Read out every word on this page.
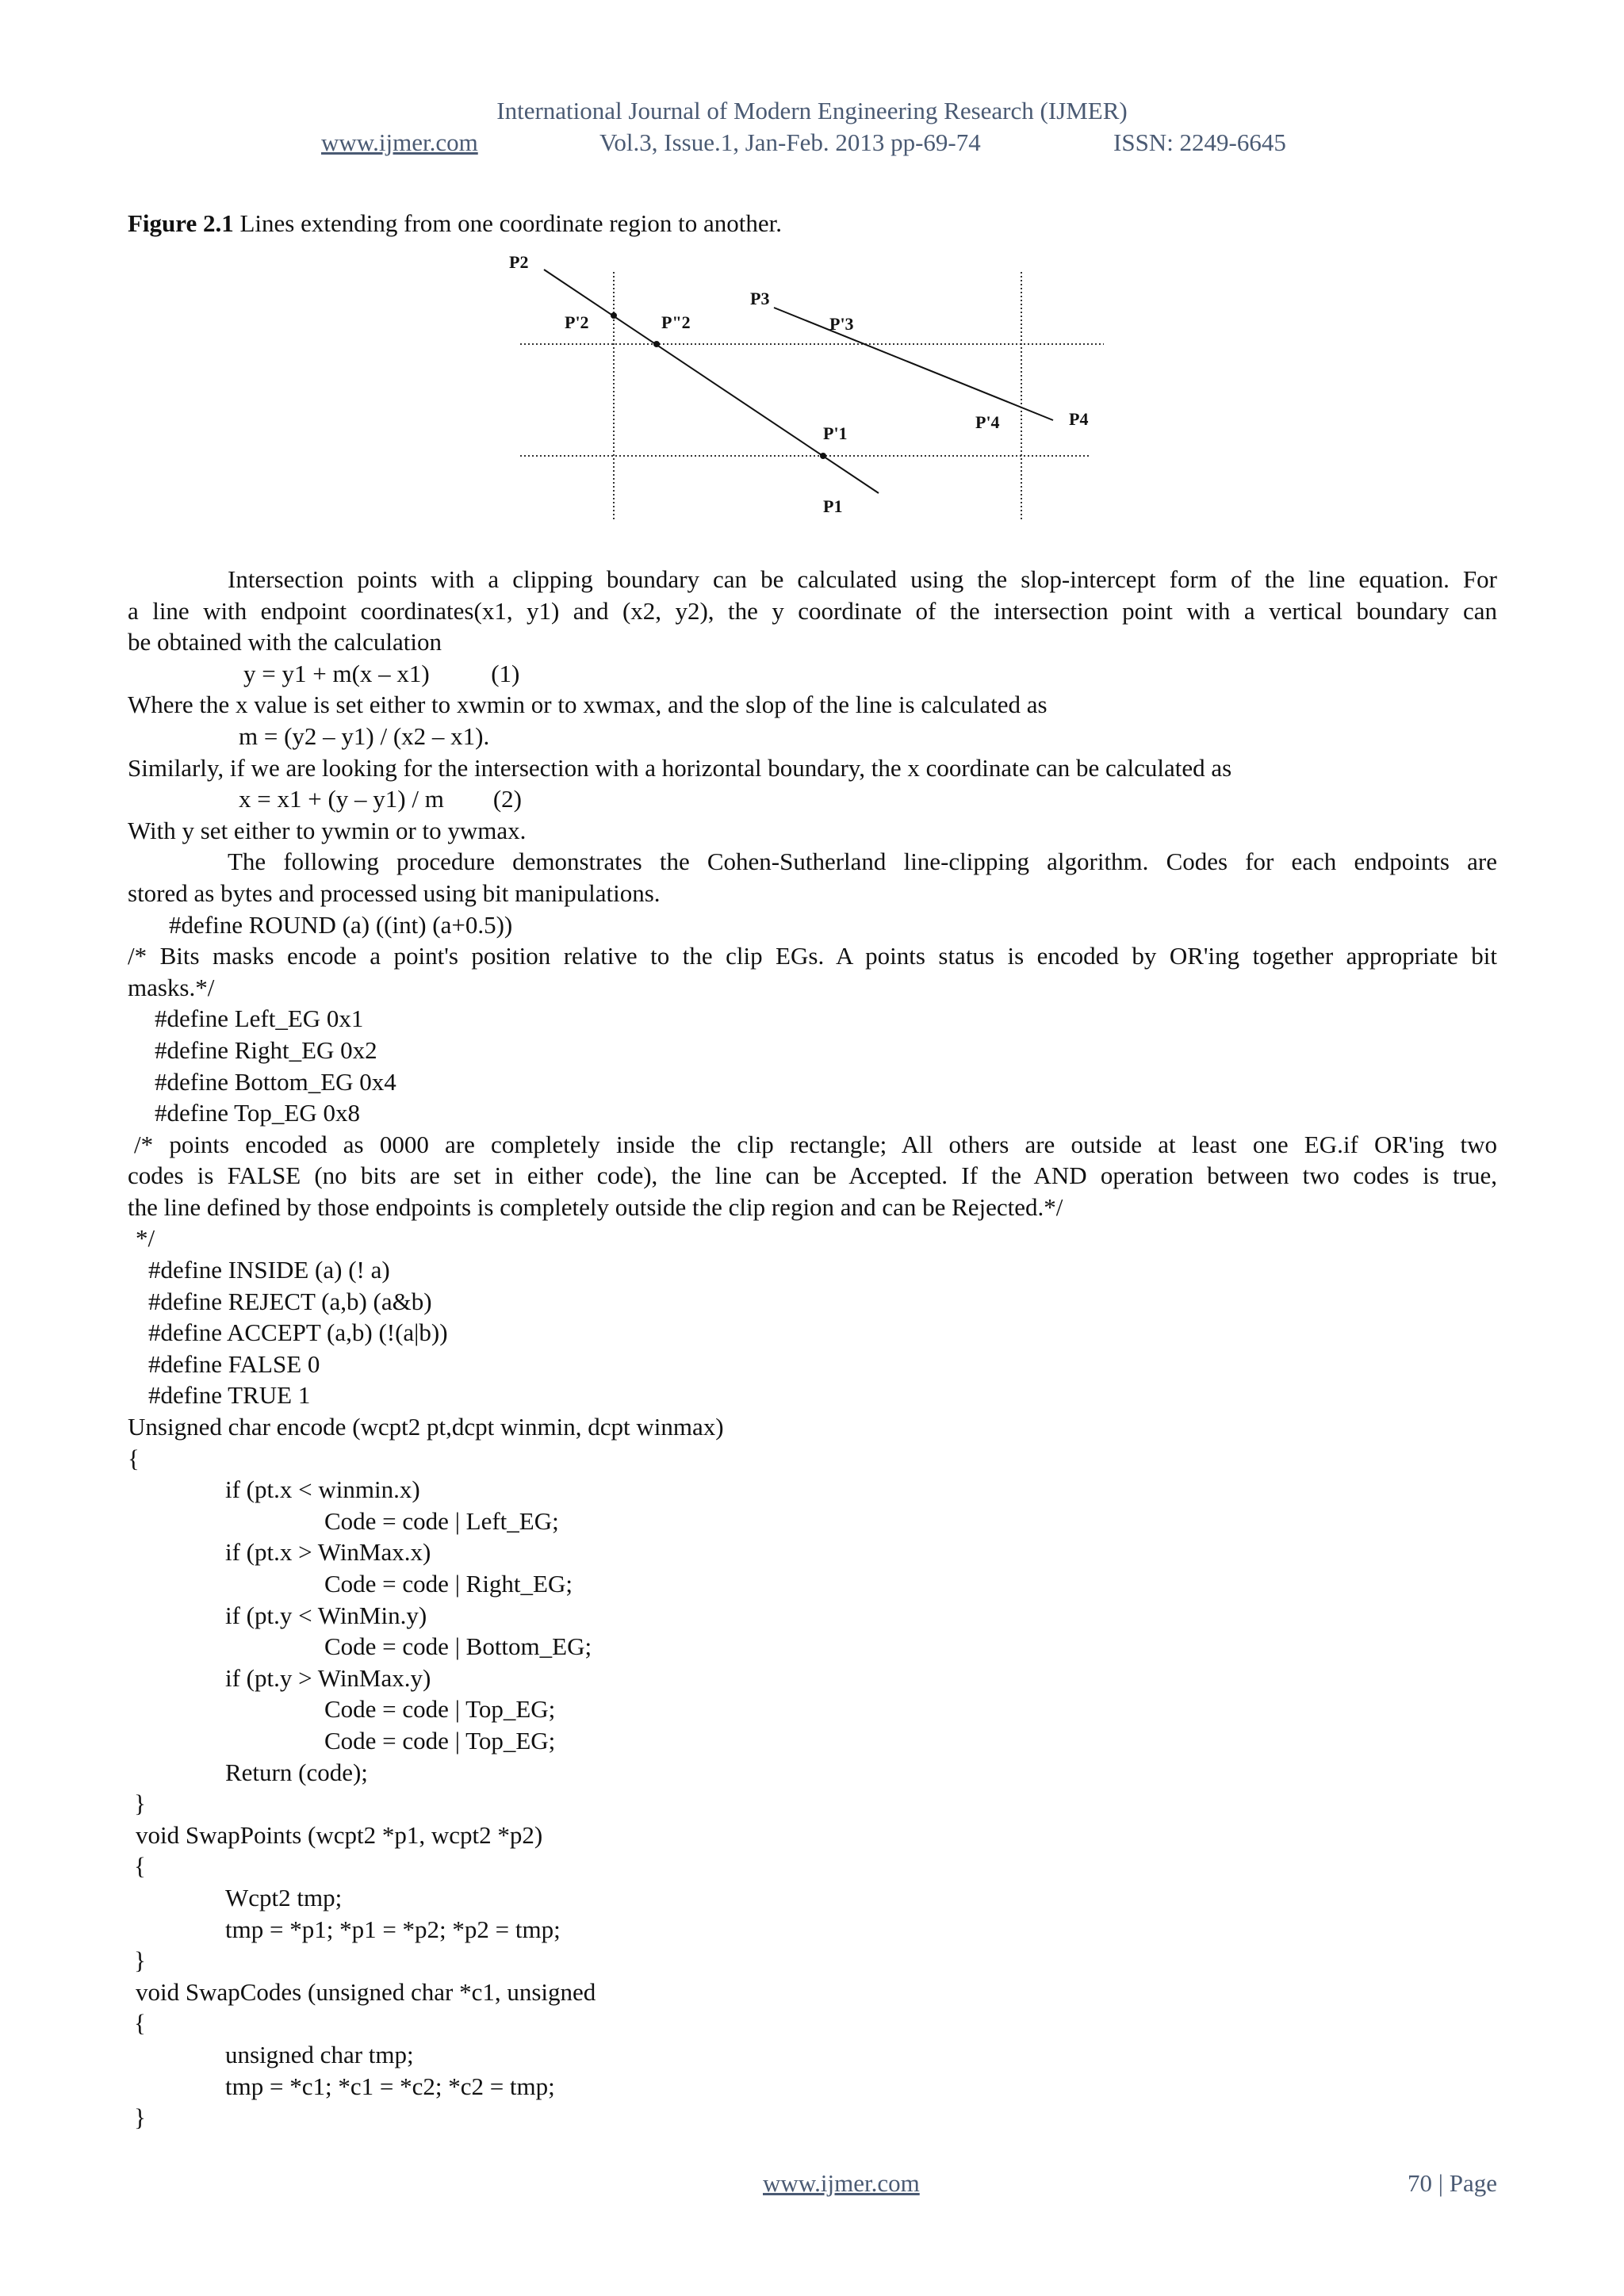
International Journal of Modern Engineering Research (IJMER)
www.ijmer.com	Vol.3, Issue.1, Jan-Feb. 2013 pp-69-74	ISSN: 2249-6645
Figure 2.1 Lines extending from one coordinate region to another.
P2
P'2	P"2
P3
P'3
P'4	P4
P'1
P1
Intersection points with a clipping boundary can be calculated using the slop-intercept form of the line equation. For
a line with endpoint coordinates(x1, y1) and (x2, y2), the y coordinate of the intersection point with a vertical boundary can
be obtained with the calculation
y = y1 + m(x – x1)          (1)
Where the x value is set either to xwmin or to xwmax, and the slop of the line is calculated as
m = (y2 – y1) / (x2 – x1).
Similarly, if we are looking for the intersection with a horizontal boundary, the x coordinate can be calculated as
x = x1 + (y – y1) / m        (2)
With y set either to ywmin or to ywmax.
The following procedure demonstrates the Cohen-Sutherland line-clipping algorithm. Codes for each endpoints are
stored as bytes and processed using bit manipulations.
#define ROUND (a) ((int) (a+0.5))
/* Bits masks encode a point's position relative to the clip EGs. A points status is encoded by OR'ing together appropriate bit
masks.*/
#define Left_EG 0x1
#define Right_EG 0x2
#define Bottom_EG 0x4
#define Top_EG 0x8
/* points encoded as 0000 are completely inside the clip rectangle; All others are outside at least one EG.if OR'ing two
codes is FALSE (no bits are set in either code), the line can be Accepted. If the AND operation between two codes is true,
the line defined by those endpoints is completely outside the clip region and can be Rejected.*/
*/
#define INSIDE (a) (! a)
#define REJECT (a,b) (a&b)
#define ACCEPT (a,b) (!(a|b))
#define FALSE 0
#define TRUE 1
Unsigned char encode (wcpt2 pt,dcpt winmin, dcpt winmax)
{
if (pt.x < winmin.x)
Code = code | Left_EG;
if (pt.x > WinMax.x)
Code = code | Right_EG;
if (pt.y < WinMin.y)
Code = code | Bottom_EG;
if (pt.y > WinMax.y)
Code = code | Top_EG;
Code = code | Top_EG;
Return (code);
}
void SwapPoints (wcpt2 *p1, wcpt2 *p2)
{
Wcpt2 tmp;
tmp = *p1; *p1 = *p2; *p2 = tmp;
}
void SwapCodes (unsigned char *c1, unsigned
{
unsigned char tmp;
tmp = *c1; *c1 = *c2; *c2 = tmp;
}
www.ijmer.com	70 | Page
